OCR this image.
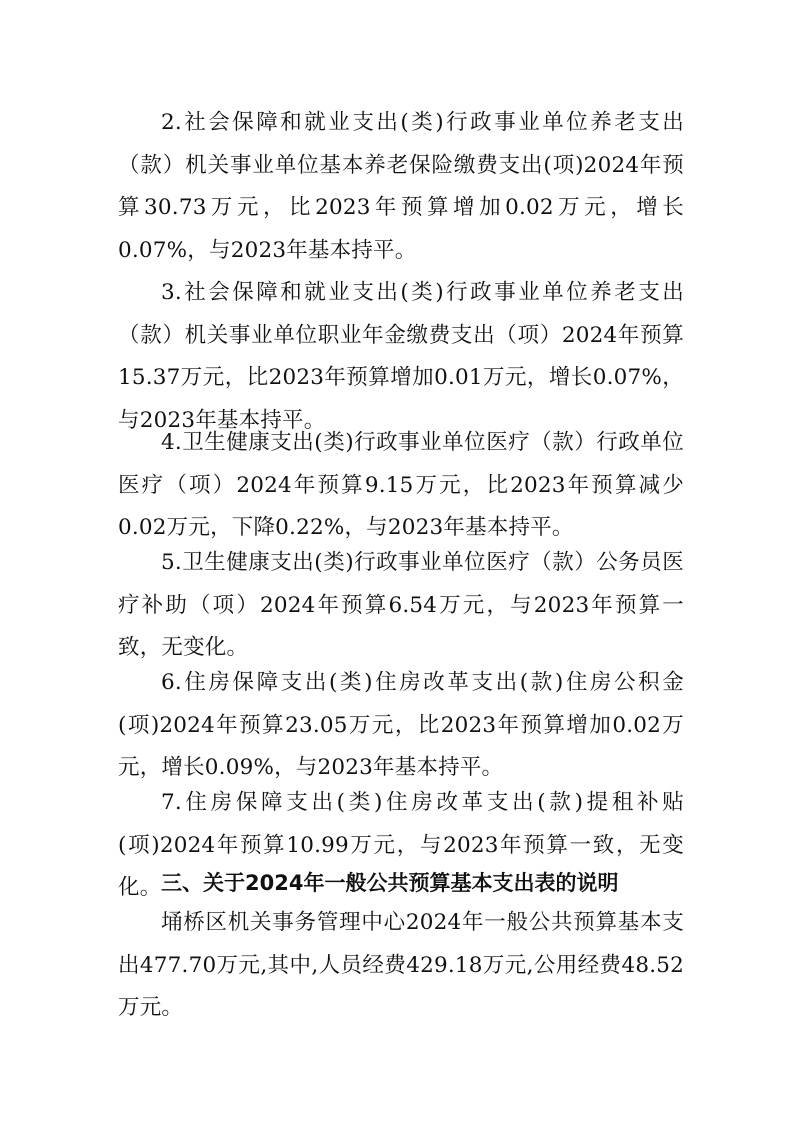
2.社会保障和就业支出(类)行政事业单位养老支出（款）机关事业单位基本养老保险缴费支出(项)2024年预算30.73万元，比2023年预算增加0.02万元，增长0.07%，与2023年基本持平。

3.社会保障和就业支出(类)行政事业单位养老支出（款）机关事业单位职业年金缴费支出（项）2024年预算15.37万元，比2023年预算增加0.01万元，增长0.07%，与2023年基本持平。

4.卫生健康支出(类)行政事业单位医疗（款）行政单位医疗（项）2024年预算9.15万元，比2023年预算减少0.02万元，下降0.22%，与2023年基本持平。

5.卫生健康支出(类)行政事业单位医疗（款）公务员医疗补助（项）2024年预算6.54万元，与2023年预算一致，无变化。

6.住房保障支出(类)住房改革支出(款)住房公积金(项)2024年预算23.05万元，比2023年预算增加0.02万元，增长0.09%，与2023年基本持平。

7.住房保障支出(类)住房改革支出(款)提租补贴(项)2024年预算10.99万元，与2023年预算一致，无变化。 三、关于2024年一般公共预算基本支出表的说明

埇桥区机关事务管理中心2024年一般公共预算基本支出477.70万元,其中,人员经费429.18万元,公用经费48.52万元。
